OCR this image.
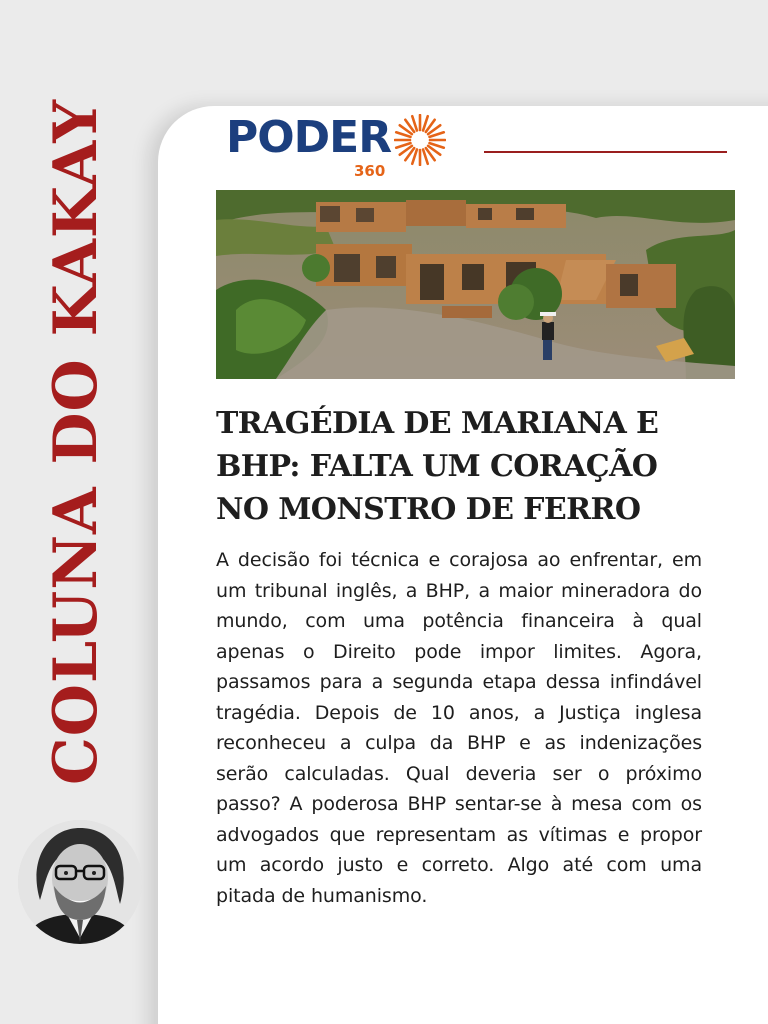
COLUNA DO KAKAY	PODER
360
TRAGÉDIA DE MARIANA E
BHP: FALTA UM CORAÇÃO
NO MONSTRO DE FERRO
A decisão foi técnica e corajosa ao enfrentar, em um tribunal inglês, a BHP, a maior mineradora do mundo, com uma potência financeira à qual apenas o Direito pode impor limites. Agora, passamos para a segunda etapa dessa infindável tragédia. Depois de 10 anos, a Justiça inglesa reconheceu a culpa da BHP e as indenizações serão calculadas. Qual deveria ser o próximo passo? A poderosa BHP sentar-se à mesa com os advogados que representam as vítimas e propor um acordo justo e correto. Algo até com uma pitada de humanismo.
